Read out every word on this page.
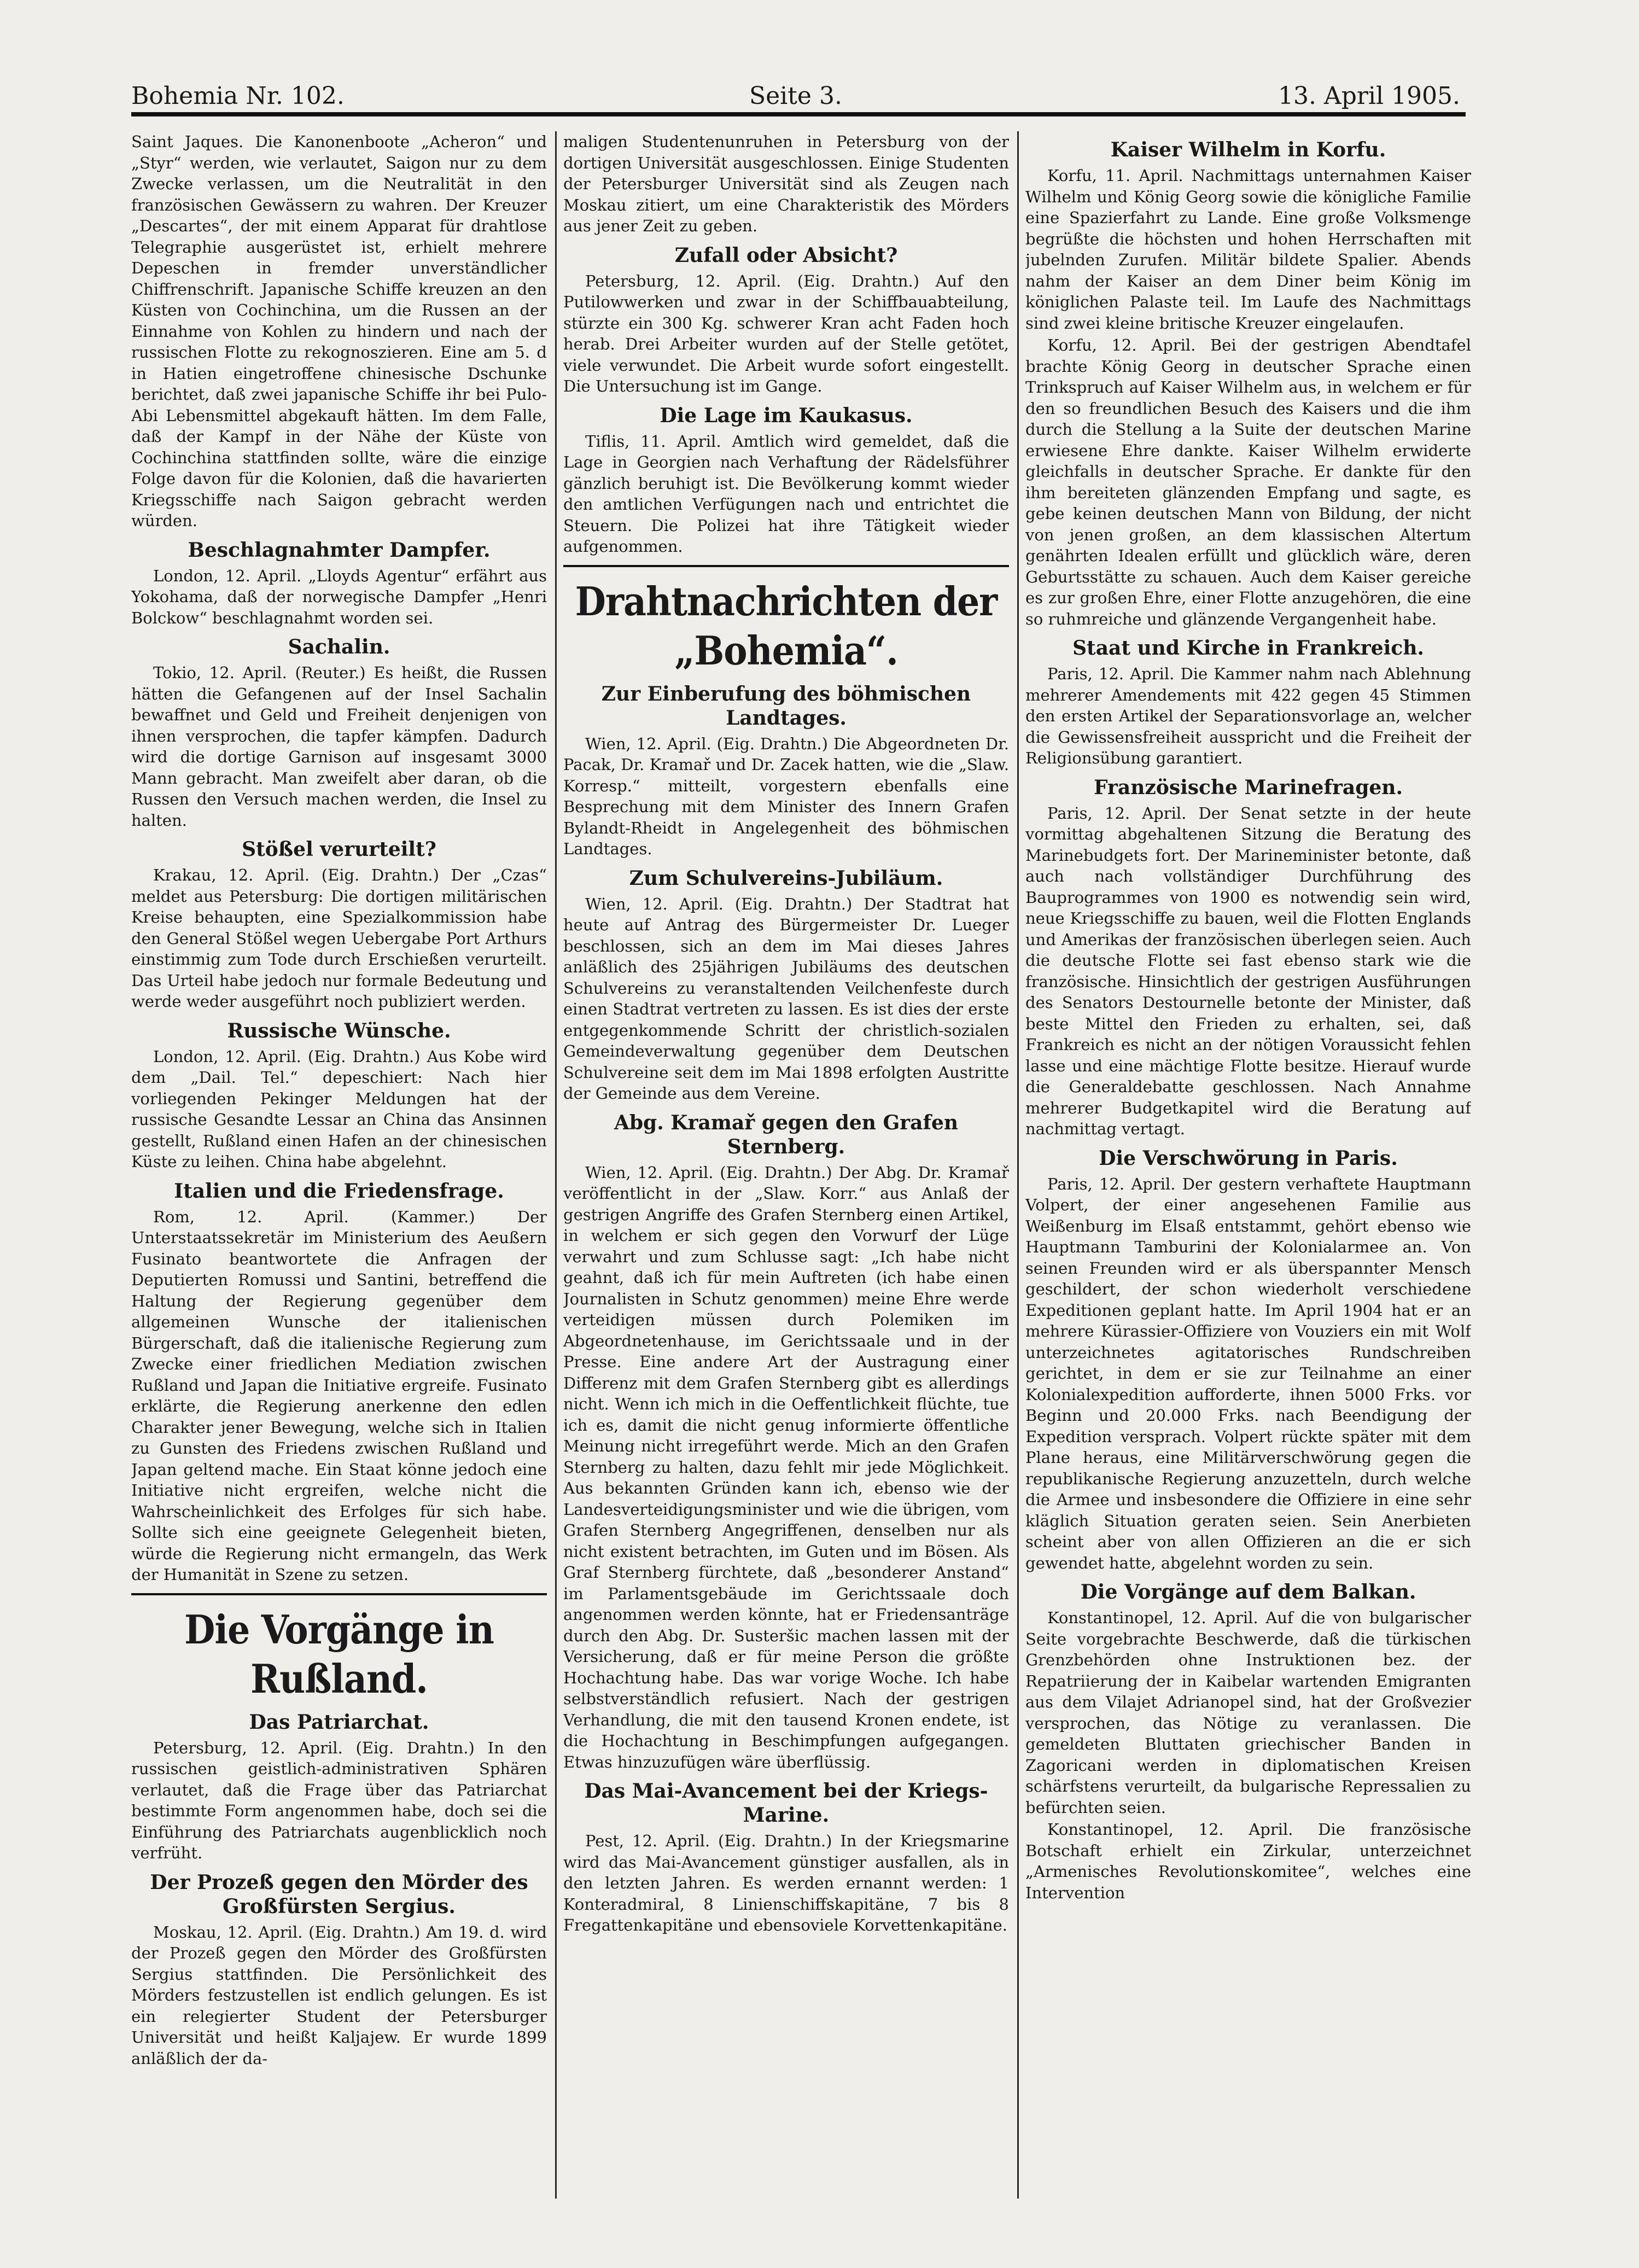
Bohemia Nr. 102.	Seite 3.	13. April 1905.

Saint Jaques. Die Kanonenboote „Acheron“ und „Styr“ werden, wie verlautet, Saigon nur zu dem Zwecke verlassen, um die Neutralität in den französischen Gewässern zu wahren. Der Kreuzer „Descartes“, der mit einem Apparat für drahtlose Telegraphie ausgerüstet ist, erhielt mehrere Depeschen in fremder unverständlicher Chiffrenschrift. Japanische Schiffe kreuzen an den Küsten von Cochinchina, um die Russen an der Einnahme von Kohlen zu hindern und nach der russischen Flotte zu rekognoszieren. Eine am 5. d in Hatien eingetroffene chinesische Dschunke berichtet, daß zwei japanische Schiffe ihr bei Pulo-Abi Lebensmittel abgekauft hätten. Im dem Falle, daß der Kampf in der Nähe der Küste von Cochinchina stattfinden sollte, wäre die einzige Folge davon für die Kolonien, daß die havarierten Kriegsschiffe nach Saigon gebracht werden würden.

Beschlagnahmter Dampfer.

London, 12. April. „Lloyds Agentur“ erfährt aus Yokohama, daß der norwegische Dampfer „Henri Bolckow“ beschlagnahmt worden sei.

Sachalin.

Tokio, 12. April. (Reuter.) Es heißt, die Russen hätten die Gefangenen auf der Insel Sachalin bewaffnet und Geld und Freiheit denjenigen von ihnen versprochen, die tapfer kämpfen. Dadurch wird die dortige Garnison auf insgesamt 3000 Mann gebracht. Man zweifelt aber daran, ob die Russen den Versuch machen werden, die Insel zu halten.

Stößel verurteilt?

Krakau, 12. April. (Eig. Drahtn.) Der „Czas“ meldet aus Petersburg: Die dortigen militärischen Kreise behaupten, eine Spezialkommission habe den General Stößel wegen Uebergabe Port Arthurs einstimmig zum Tode durch Erschießen verurteilt. Das Urteil habe jedoch nur formale Bedeutung und werde weder ausgeführt noch publiziert werden.

Russische Wünsche.

London, 12. April. (Eig. Drahtn.) Aus Kobe wird dem „Dail. Tel.“ depeschiert: Nach hier vorliegenden Pekinger Meldungen hat der russische Gesandte Lessar an China das Ansinnen gestellt, Rußland einen Hafen an der chinesischen Küste zu leihen. China habe abgelehnt.

Italien und die Friedensfrage.

Rom, 12. April. (Kammer.) Der Unterstaatssekretär im Ministerium des Aeußern Fusinato beantwortete die Anfragen der Deputierten Romussi und Santini, betreffend die Haltung der Regierung gegenüber dem allgemeinen Wunsche der italienischen Bürgerschaft, daß die italienische Regierung zum Zwecke einer friedlichen Mediation zwischen Rußland und Japan die Initiative ergreife. Fusinato erklärte, die Regierung anerkenne den edlen Charakter jener Bewegung, welche sich in Italien zu Gunsten des Friedens zwischen Rußland und Japan geltend mache. Ein Staat könne jedoch eine Initiative nicht ergreifen, welche nicht die Wahrscheinlichkeit des Erfolges für sich habe. Sollte sich eine geeignete Gelegenheit bieten, würde die Regierung nicht ermangeln, das Werk der Humanität in Szene zu setzen.

Die Vorgänge in Rußland.
Das Patriarchat.

Petersburg, 12. April. (Eig. Drahtn.) In den russischen geistlich-administrativen Sphären verlautet, daß die Frage über das Patriarchat bestimmte Form angenommen habe, doch sei die Einführung des Patriarchats augenblicklich noch verfrüht.

Der Prozeß gegen den Mörder des Großfürsten Sergius.

Moskau, 12. April. (Eig. Drahtn.) Am 19. d. wird der Prozeß gegen den Mörder des Großfürsten Sergius stattfinden. Die Persönlichkeit des Mörders festzustellen ist endlich gelungen. Es ist ein relegierter Student der Petersburger Universität und heißt Kaljajew. Er wurde 1899 anläßlich der da-

maligen Studentenunruhen in Petersburg von der dortigen Universität ausgeschlossen. Einige Studenten der Petersburger Universität sind als Zeugen nach Moskau zitiert, um eine Charakteristik des Mörders aus jener Zeit zu geben.

Zufall oder Absicht?

Petersburg, 12. April. (Eig. Drahtn.) Auf den Putilowwerken und zwar in der Schiffbauabteilung, stürzte ein 300 Kg. schwerer Kran acht Faden hoch herab. Drei Arbeiter wurden auf der Stelle getötet, viele verwundet. Die Arbeit wurde sofort eingestellt. Die Untersuchung ist im Gange.

Die Lage im Kaukasus.

Tiflis, 11. April. Amtlich wird gemeldet, daß die Lage in Georgien nach Verhaftung der Rädelsführer gänzlich beruhigt ist. Die Bevölkerung kommt wieder den amtlichen Verfügungen nach und entrichtet die Steuern. Die Polizei hat ihre Tätigkeit wieder aufgenommen.

Drahtnachrichten der „Bohemia“.
Zur Einberufung des böhmischen Landtages.

Wien, 12. April. (Eig. Drahtn.) Die Abgeordneten Dr. Pacak, Dr. Kramař und Dr. Zacek hatten, wie die „Slaw. Korresp.“ mitteilt, vorgestern ebenfalls eine Besprechung mit dem Minister des Innern Grafen Bylandt-Rheidt in Angelegenheit des böhmischen Landtages.

Zum Schulvereins-Jubiläum.

Wien, 12. April. (Eig. Drahtn.) Der Stadtrat hat heute auf Antrag des Bürgermeister Dr. Lueger beschlossen, sich an dem im Mai dieses Jahres anläßlich des 25jährigen Jubiläums des deutschen Schulvereins zu veranstaltenden Veilchenfeste durch einen Stadtrat vertreten zu lassen. Es ist dies der erste entgegenkommende Schritt der christlich-sozialen Gemeindeverwaltung gegenüber dem Deutschen Schulvereine seit dem im Mai 1898 erfolgten Austritte der Gemeinde aus dem Vereine.

Abg. Kramař gegen den Grafen Sternberg.

Wien, 12. April. (Eig. Drahtn.) Der Abg. Dr. Kramař veröffentlicht in der „Slaw. Korr.“ aus Anlaß der gestrigen Angriffe des Grafen Sternberg einen Artikel, in welchem er sich gegen den Vorwurf der Lüge verwahrt und zum Schlusse sagt: „Ich habe nicht geahnt, daß ich für mein Auftreten (ich habe einen Journalisten in Schutz genommen) meine Ehre werde verteidigen müssen durch Polemiken im Abgeordnetenhause, im Gerichtssaale und in der Presse. Eine andere Art der Austragung einer Differenz mit dem Grafen Sternberg gibt es allerdings nicht. Wenn ich mich in die Oeffentlichkeit flüchte, tue ich es, damit die nicht genug informierte öffentliche Meinung nicht irregeführt werde. Mich an den Grafen Sternberg zu halten, dazu fehlt mir jede Möglichkeit. Aus bekannten Gründen kann ich, ebenso wie der Landesverteidigungsminister und wie die übrigen, vom Grafen Sternberg Angegriffenen, denselben nur als nicht existent betrachten, im Guten und im Bösen. Als Graf Sternberg fürchtete, daß „besonderer Anstand“ im Parlamentsgebäude im Gerichtssaale doch angenommen werden könnte, hat er Friedensanträge durch den Abg. Dr. Susteršic machen lassen mit der Versicherung, daß er für meine Person die größte Hochachtung habe. Das war vorige Woche. Ich habe selbstverständlich refusiert. Nach der gestrigen Verhandlung, die mit den tausend Kronen endete, ist die Hochachtung in Beschimpfungen aufgegangen. Etwas hinzuzufügen wäre überflüssig.

Das Mai-Avancement bei der Kriegs-Marine.

Pest, 12. April. (Eig. Drahtn.) In der Kriegsmarine wird das Mai-Avancement günstiger ausfallen, als in den letzten Jahren. Es werden ernannt werden: 1 Konteradmiral, 8 Linienschiffskapitäne, 7 bis 8 Fregattenkapitäne und ebensoviele Korvettenkapitäne.

Kaiser Wilhelm in Korfu.

Korfu, 11. April. Nachmittags unternahmen Kaiser Wilhelm und König Georg sowie die königliche Familie eine Spazierfahrt zu Lande. Eine große Volksmenge begrüßte die höchsten und hohen Herrschaften mit jubelnden Zurufen. Militär bildete Spalier. Abends nahm der Kaiser an dem Diner beim König im königlichen Palaste teil. Im Laufe des Nachmittags sind zwei kleine britische Kreuzer eingelaufen.

Korfu, 12. April. Bei der gestrigen Abendtafel brachte König Georg in deutscher Sprache einen Trinkspruch auf Kaiser Wilhelm aus, in welchem er für den so freundlichen Besuch des Kaisers und die ihm durch die Stellung a la Suite der deutschen Marine erwiesene Ehre dankte. Kaiser Wilhelm erwiderte gleichfalls in deutscher Sprache. Er dankte für den ihm bereiteten glänzenden Empfang und sagte, es gebe keinen deutschen Mann von Bildung, der nicht von jenen großen, an dem klassischen Altertum genährten Idealen erfüllt und glücklich wäre, deren Geburtsstätte zu schauen. Auch dem Kaiser gereiche es zur großen Ehre, einer Flotte anzugehören, die eine so ruhmreiche und glänzende Vergangenheit habe.

Staat und Kirche in Frankreich.

Paris, 12. April. Die Kammer nahm nach Ablehnung mehrerer Amendements mit 422 gegen 45 Stimmen den ersten Artikel der Separationsvorlage an, welcher die Gewissensfreiheit ausspricht und die Freiheit der Religionsübung garantiert.

Französische Marinefragen.

Paris, 12. April. Der Senat setzte in der heute vormittag abgehaltenen Sitzung die Beratung des Marinebudgets fort. Der Marineminister betonte, daß auch nach vollständiger Durchführung des Bauprogrammes von 1900 es notwendig sein wird, neue Kriegsschiffe zu bauen, weil die Flotten Englands und Amerikas der französischen überlegen seien. Auch die deutsche Flotte sei fast ebenso stark wie die französische. Hinsichtlich der gestrigen Ausführungen des Senators Destournelle betonte der Minister, daß beste Mittel den Frieden zu erhalten, sei, daß Frankreich es nicht an der nötigen Voraussicht fehlen lasse und eine mächtige Flotte besitze. Hierauf wurde die Generaldebatte geschlossen. Nach Annahme mehrerer Budgetkapitel wird die Beratung auf nachmittag vertagt.

Die Verschwörung in Paris.

Paris, 12. April. Der gestern verhaftete Hauptmann Volpert, der einer angesehenen Familie aus Weißenburg im Elsaß entstammt, gehört ebenso wie Hauptmann Tamburini der Kolonialarmee an. Von seinen Freunden wird er als überspannter Mensch geschildert, der schon wiederholt verschiedene Expeditionen geplant hatte. Im April 1904 hat er an mehrere Kürassier-Offiziere von Vouziers ein mit Wolf unterzeichnetes agitatorisches Rundschreiben gerichtet, in dem er sie zur Teilnahme an einer Kolonialexpedition aufforderte, ihnen 5000 Frks. vor Beginn und 20.000 Frks. nach Beendigung der Expedition versprach. Volpert rückte später mit dem Plane heraus, eine Militärverschwörung gegen die republikanische Regierung anzuzetteln, durch welche die Armee und insbesondere die Offiziere in eine sehr kläglich Situation geraten seien. Sein Anerbieten scheint aber von allen Offizieren an die er sich gewendet hatte, abgelehnt worden zu sein.

Die Vorgänge auf dem Balkan.

Konstantinopel, 12. April. Auf die von bulgarischer Seite vorgebrachte Beschwerde, daß die türkischen Grenzbehörden ohne Instruktionen bez. der Repatriierung der in Kaibelar wartenden Emigranten aus dem Vilajet Adrianopel sind, hat der Großvezier versprochen, das Nötige zu veranlassen. Die gemeldeten Bluttaten griechischer Banden in Zagoricani werden in diplomatischen Kreisen schärfstens verurteilt, da bulgarische Repressalien zu befürchten seien.

Konstantinopel, 12. April. Die französische Botschaft erhielt ein Zirkular, unterzeichnet „Armenisches Revolutionskomitee“, welches eine Intervention
